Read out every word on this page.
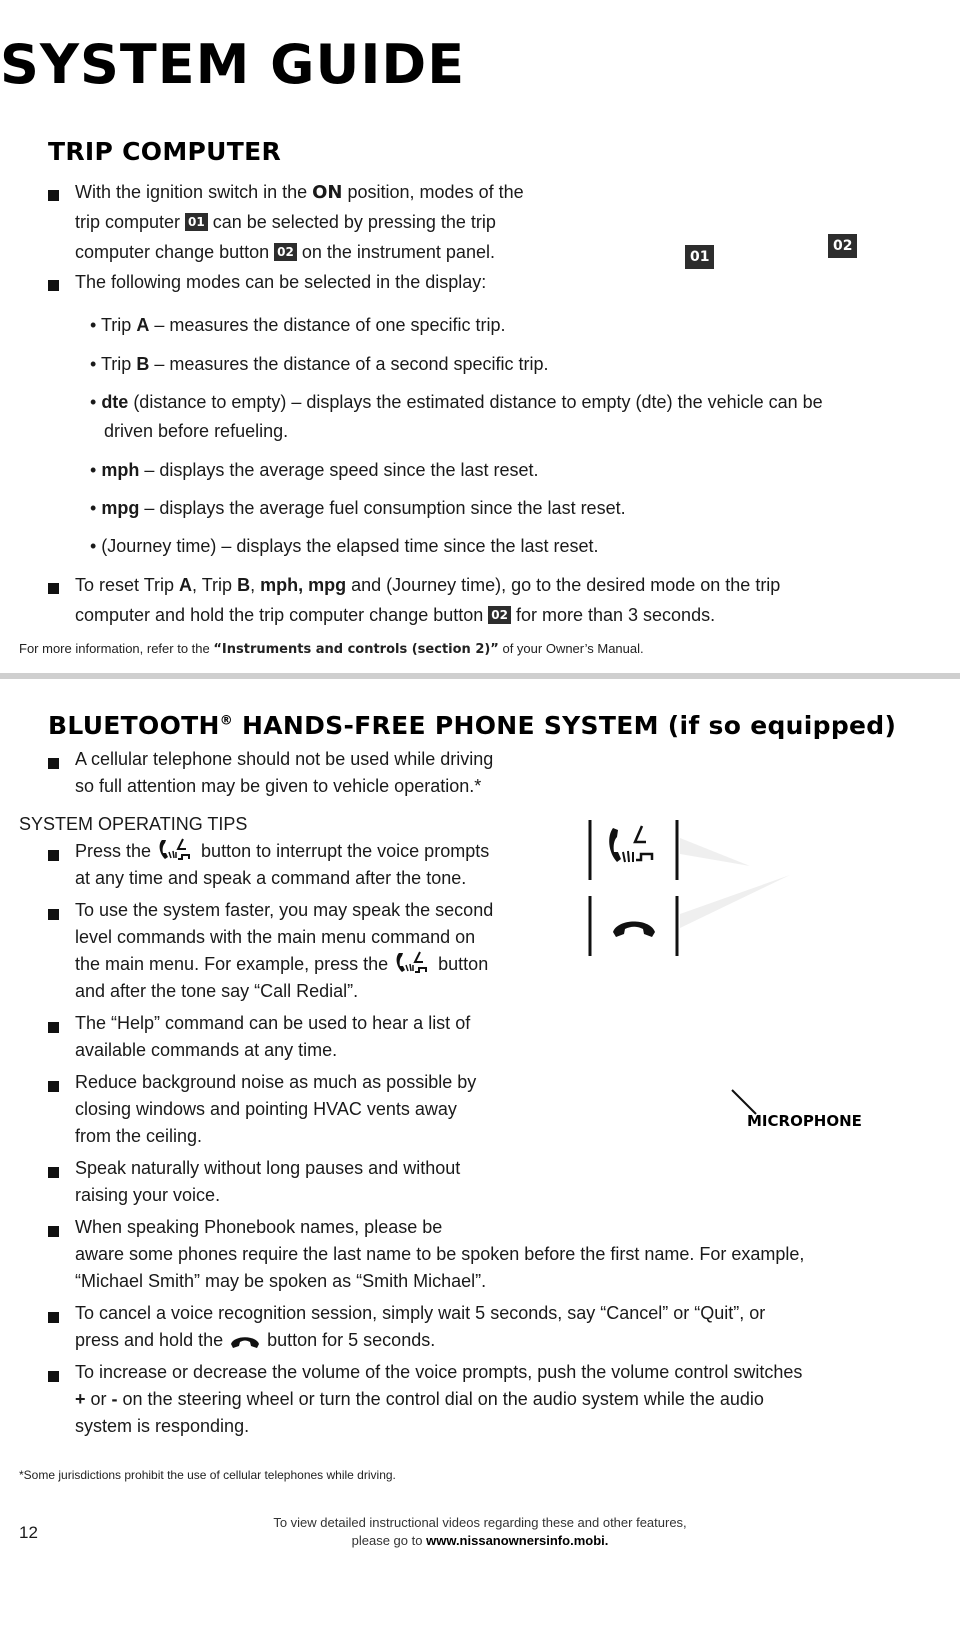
SYSTEM GUIDE
TRIP COMPUTER
With the ignition switch in the ON position, modes of the
trip computer 01 can be selected by pressing the trip
computer change button 02 on the instrument panel.
The following modes can be selected in the display:
• Trip A – measures the distance of one specific trip.
• Trip B – measures the distance of a second specific trip.
• dte (distance to empty) – displays the estimated distance to empty (dte) the vehicle can be
driven before refueling.
• mph – displays the average speed since the last reset.
• mpg – displays the average fuel consumption since the last reset.
• (Journey time) – displays the elapsed time since the last reset.
To reset Trip A, Trip B, mph, mpg and (Journey time), go to the desired mode on the trip
computer and hold the trip computer change button 02 for more than 3 seconds.
For more information, refer to the “Instruments and controls (section 2)” of your Owner’s Manual.
01
02
BLUETOOTH® HANDS-FREE PHONE SYSTEM (if so equipped)
A cellular telephone should not be used while driving
so full attention may be given to vehicle operation.*
SYSTEM OPERATING TIPS
Press the  button to interrupt the voice prompts
at any time and speak a command after the tone.
To use the system faster, you may speak the second
level commands with the main menu command on
the main menu. For example, press the  button
and after the tone say “Call Redial”.
The “Help” command can be used to hear a list of
available commands at any time.
Reduce background noise as much as possible by
closing windows and pointing HVAC vents away
from the ceiling.
Speak naturally without long pauses and without
raising your voice.
When speaking Phonebook names, please be
aware some phones require the last name to be spoken before the first name. For example,
“Michael Smith” may be spoken as “Smith Michael”.
To cancel a voice recognition session, simply wait 5 seconds, say “Cancel” or “Quit”, or
press and hold the  button for 5 seconds.
To increase or decrease the volume of the voice prompts, push the volume control switches
+ or - on the steering wheel or turn the control dial on the audio system while the audio
system is responding.
MICROPHONE
*Some jurisdictions prohibit the use of cellular telephones while driving.
12
To view detailed instructional videos regarding these and other features,
please go to www.nissanownersinfo.mobi.
